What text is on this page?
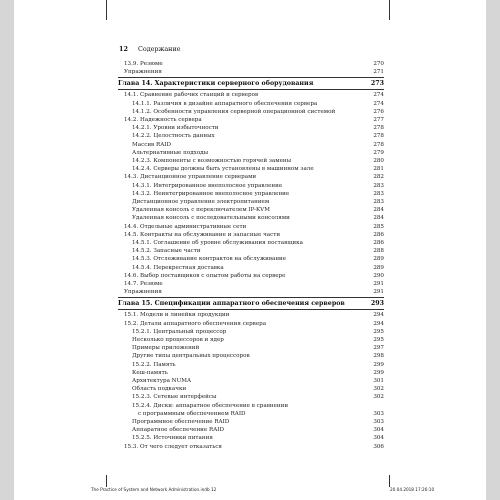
12 Содержание
13.9. Резюме	270
Упражнения	271
Глава 14. Характеристики серверного оборудования	273
14.1. Сравнение рабочих станций и серверов	274
14.1.1. Различия в дизайне аппаратного обеспечения сервера	274
14.1.2. Особенности управления серверной операционной системой	276
14.2. Надежность сервера	277
14.2.1. Уровни избыточности	278
14.2.2. Целостность данных	278
Массив RAID	278
Альтернативные подходы	279
14.2.3. Компоненты с возможностью горячей замены	280
14.2.4. Серверы должны быть установлены в машинном зале	281
14.3. Дистанционное управление серверами	282
14.3.1. Интегрированное внеполосное управление	283
14.3.2. Неинтегрированное внеполосное управление	283
Дистанционное управление электропитанием	283
Удаленная консоль с переключателем IP-KVM	284
Удаленная консоль с последовательными консолями	284
14.4. Отдельные административные сети	285
14.5. Контракты на обслуживание и запасные части	286
14.5.1. Соглашение об уровне обслуживания поставщика	286
14.5.2. Запасные части	288
14.5.3. Отслеживание контрактов на обслуживание	289
14.5.4. Перекрестная доставка	289
14.6. Выбор поставщиков с опытом работы на сервере	290
14.7. Резюме	291
Упражнения	291
Глава 15. Спецификации аппаратного обеспечения серверов	293
15.1. Модели и линейки продукции	294
15.2. Детали аппаратного обеспечения сервера	294
15.2.1. Центральный процессор	295
Несколько процессоров и ядер	295
Примеры приложений	297
Другие типы центральных процессоров	298
15.2.2. Память	299
Кеш-память	299
Архитектура NUMA	301
Область подкачки	302
15.2.3. Сетевые интерфейсы	302
15.2.4. Диски: аппаратное обеспечение в сравнении
с программным обеспечением RAID	303
Программное обеспечение RAID	303
Аппаратное обеспечение RAID	304
15.2.5. Источники питания	304
15.3. От чего следует отказаться	306
The Practice of System and Network Administration.indb 12	20.04.2018 17:26:10
